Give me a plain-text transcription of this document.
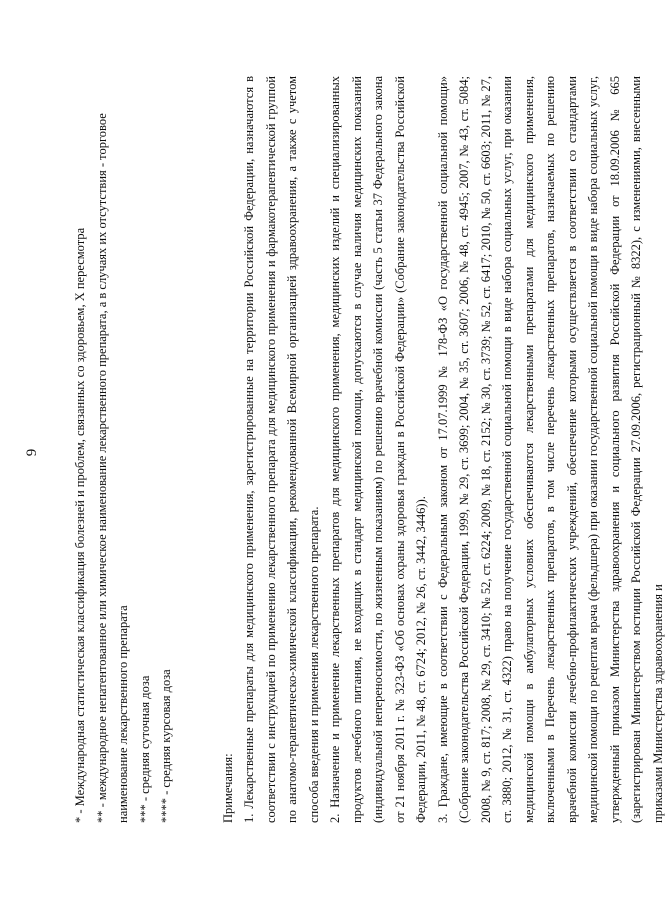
9	* - Международная статистическая классификация болезней и проблем, связанных со здоровьем, X пересмотра ** - международное непатентованное или химическое наименование лекарственного препарата, а в случаях их отсутствия - торговое наименование лекарственного препарата *** - средняя суточная доза **** - средняя курсовая доза	Примечания: 1. Лекарственные препараты для медицинского применения, зарегистрированные на территории Российской Федерации, назначаются в соответствии с инструкцией по применению лекарственного препарата для медицинского применения и фармакотерапевтической группой по анатомо-терапевтическо-химической классификации, рекомендованной Всемирной организацией здравоохранения, а также с учетом способа введения и применения лекарственного препарата. 2. Назначение и применение лекарственных препаратов для медицинского применения, медицинских изделий и специализированных продуктов лечебного питания, не входящих в стандарт медицинской помощи, допускаются в случае наличия медицинских показаний (индивидуальной непереносимости, по жизненным показаниям) по решению врачебной комиссии (часть 5 статьи 37 Федерального закона от 21 ноября 2011 г. № 323-ФЗ «Об основах охраны здоровья граждан в Российской Федерации» (Собрание законодательства Российской Федерации, 2011, № 48, ст. 6724; 2012, № 26, ст. 3442, 3446)). 3. Граждане, имеющие в соответствии с Федеральным законом от 17.07.1999 № 178-ФЗ «О государственной социальной помощи» (Собрание законодательства Российской Федерации, 1999, № 29, ст. 3699; 2004, № 35, ст. 3607; 2006, № 48, ст. 4945; 2007, № 43, ст. 5084; 2008, № 9, ст. 817; 2008, № 29, ст. 3410; № 52, ст. 6224; 2009, № 18, ст. 2152; № 30, ст. 3739; № 52, ст. 6417; 2010, № 50, ст. 6603; 2011, № 27, ст. 3880; 2012, № 31, ст. 4322) право на получение государственной социальной помощи в виде набора социальных услуг, при оказании медицинской помощи в амбулаторных условиях обеспечиваются лекарственными препаратами для медицинского применения, включенными в Перечень лекарственных препаратов, в том числе перечень лекарственных препаратов, назначаемых по решению врачебной комиссии лечебно-профилактических учреждений, обеспечение которыми осуществляется в соответствии со стандартами медицинской помощи по рецептам врача (фельдшера) при оказании государственной социальной помощи в виде набора социальных услуг, утвержденный приказом Министерства здравоохранения и социального развития Российской Федерации от 18.09.2006 № 665 (зарегистрирован Министерством юстиции Российской Федерации 27.09.2006, регистрационный № 8322), с изменениями, внесенными приказами Министерства здравоохранения и
